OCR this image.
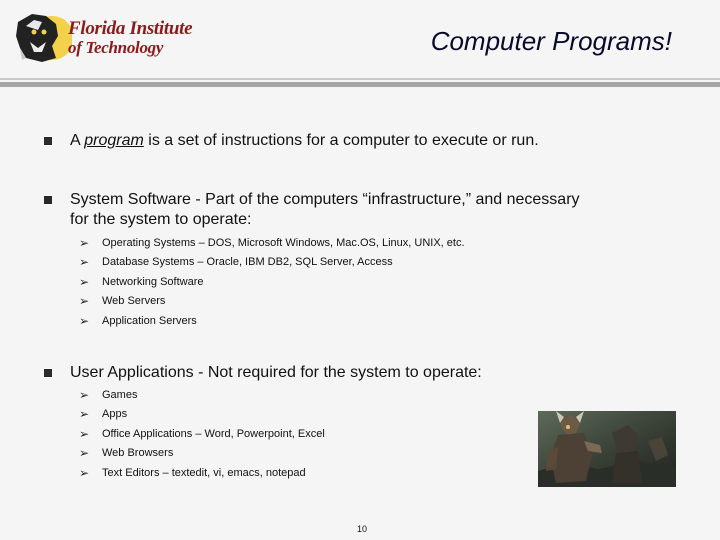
Florida Institute
of Technology	Computer Programs!
A program is a set of instructions for a computer to execute or run.
System Software - Part of the computers “infrastructure,” and necessary
for the system to operate:
➢ Operating Systems – DOS, Microsoft Windows, Mac.OS, Linux, UNIX, etc.
➢ Database Systems – Oracle, IBM DB2, SQL Server, Access
➢ Networking Software
➢ Web Servers
➢ Application Servers
User Applications - Not required for the system to operate:
➢ Games
➢ Apps
➢ Office Applications – Word, Powerpoint, Excel
➢ Web Browsers
➢ Text Editors – textedit, vi, emacs, notepad
10
